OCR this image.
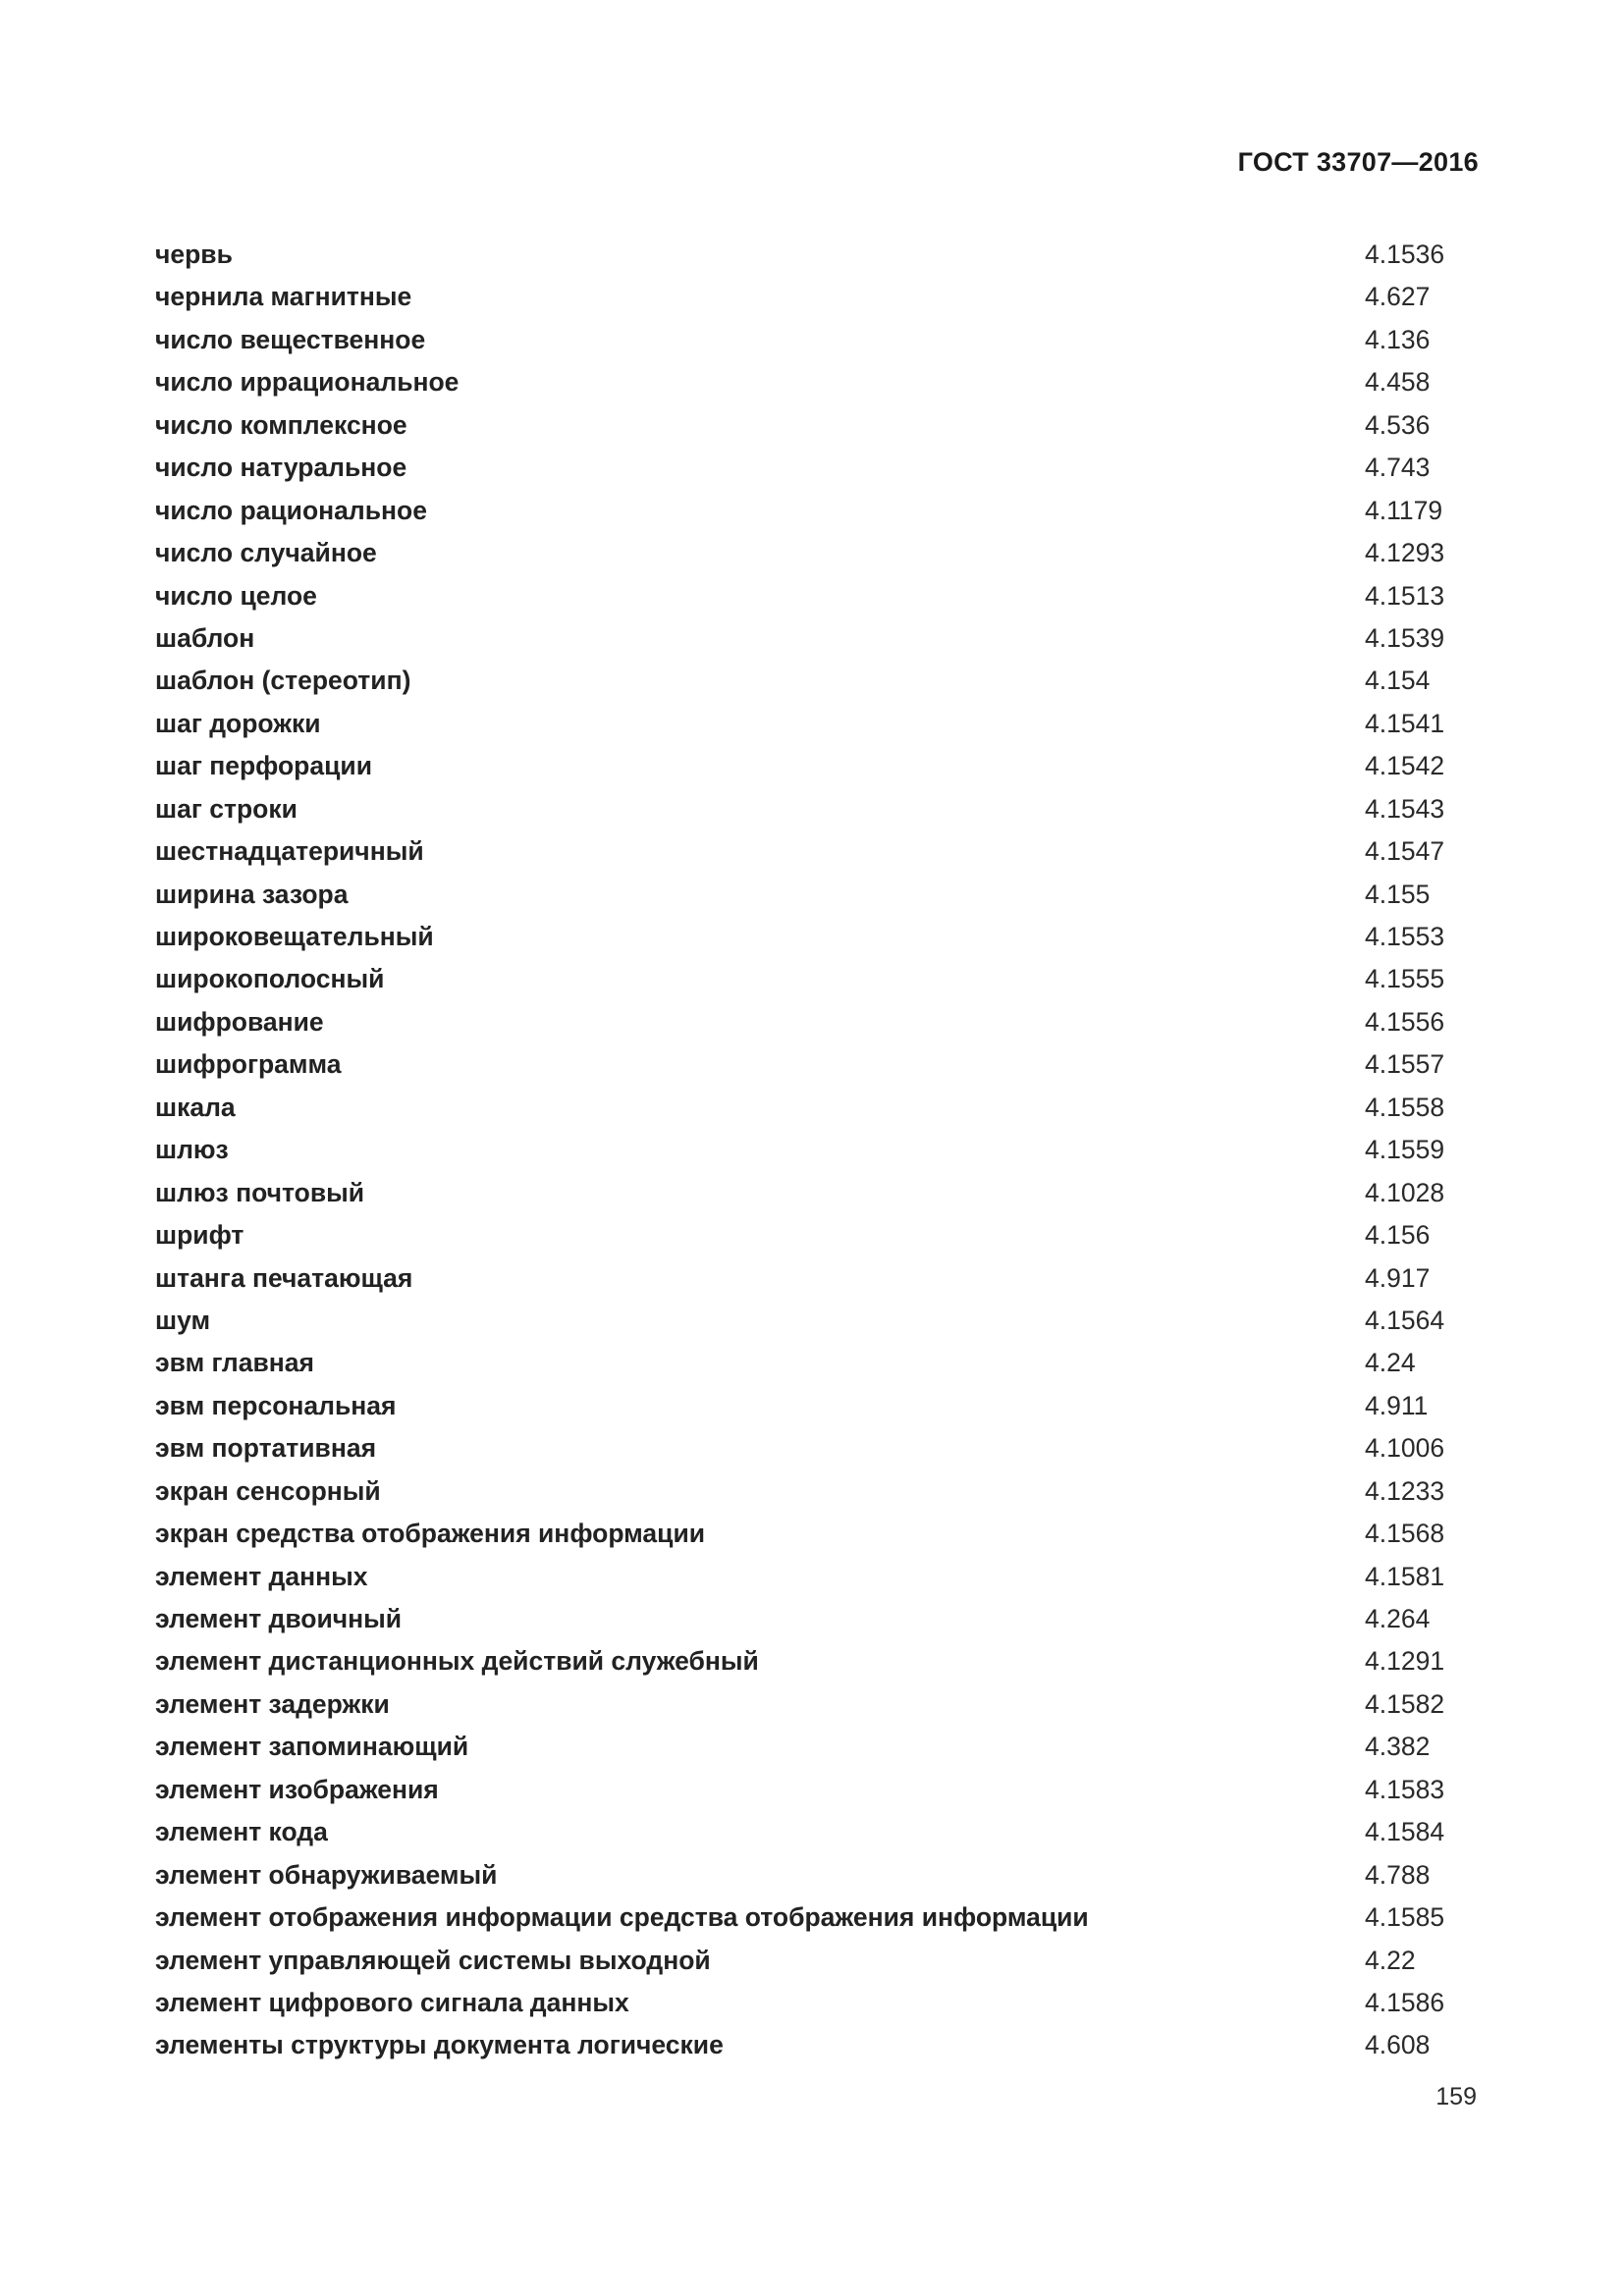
ГОСТ 33707—2016
червь	4.1536
чернила магнитные	4.627
число вещественное	4.136
число иррациональное	4.458
число комплексное	4.536
число натуральное	4.743
число рациональное	4.1179
число случайное	4.1293
число целое	4.1513
шаблон	4.1539
шаблон (стереотип)	4.154
шаг дорожки	4.1541
шаг перфорации	4.1542
шаг строки	4.1543
шестнадцатеричный	4.1547
ширина зазора	4.155
широковещательный	4.1553
широкополосный	4.1555
шифрование	4.1556
шифрограмма	4.1557
шкала	4.1558
шлюз	4.1559
шлюз почтовый	4.1028
шрифт	4.156
штанга печатающая	4.917
шум	4.1564
эвм главная	4.24
эвм персональная	4.911
эвм портативная	4.1006
экран сенсорный	4.1233
экран средства отображения информации	4.1568
элемент данных	4.1581
элемент двоичный	4.264
элемент дистанционных действий служебный	4.1291
элемент задержки	4.1582
элемент запоминающий	4.382
элемент изображения	4.1583
элемент кода	4.1584
элемент обнаруживаемый	4.788
элемент отображения информации средства отображения информации	4.1585
элемент управляющей системы выходной	4.22
элемент цифрового сигнала данных	4.1586
элементы структуры документа логические	4.608
159
